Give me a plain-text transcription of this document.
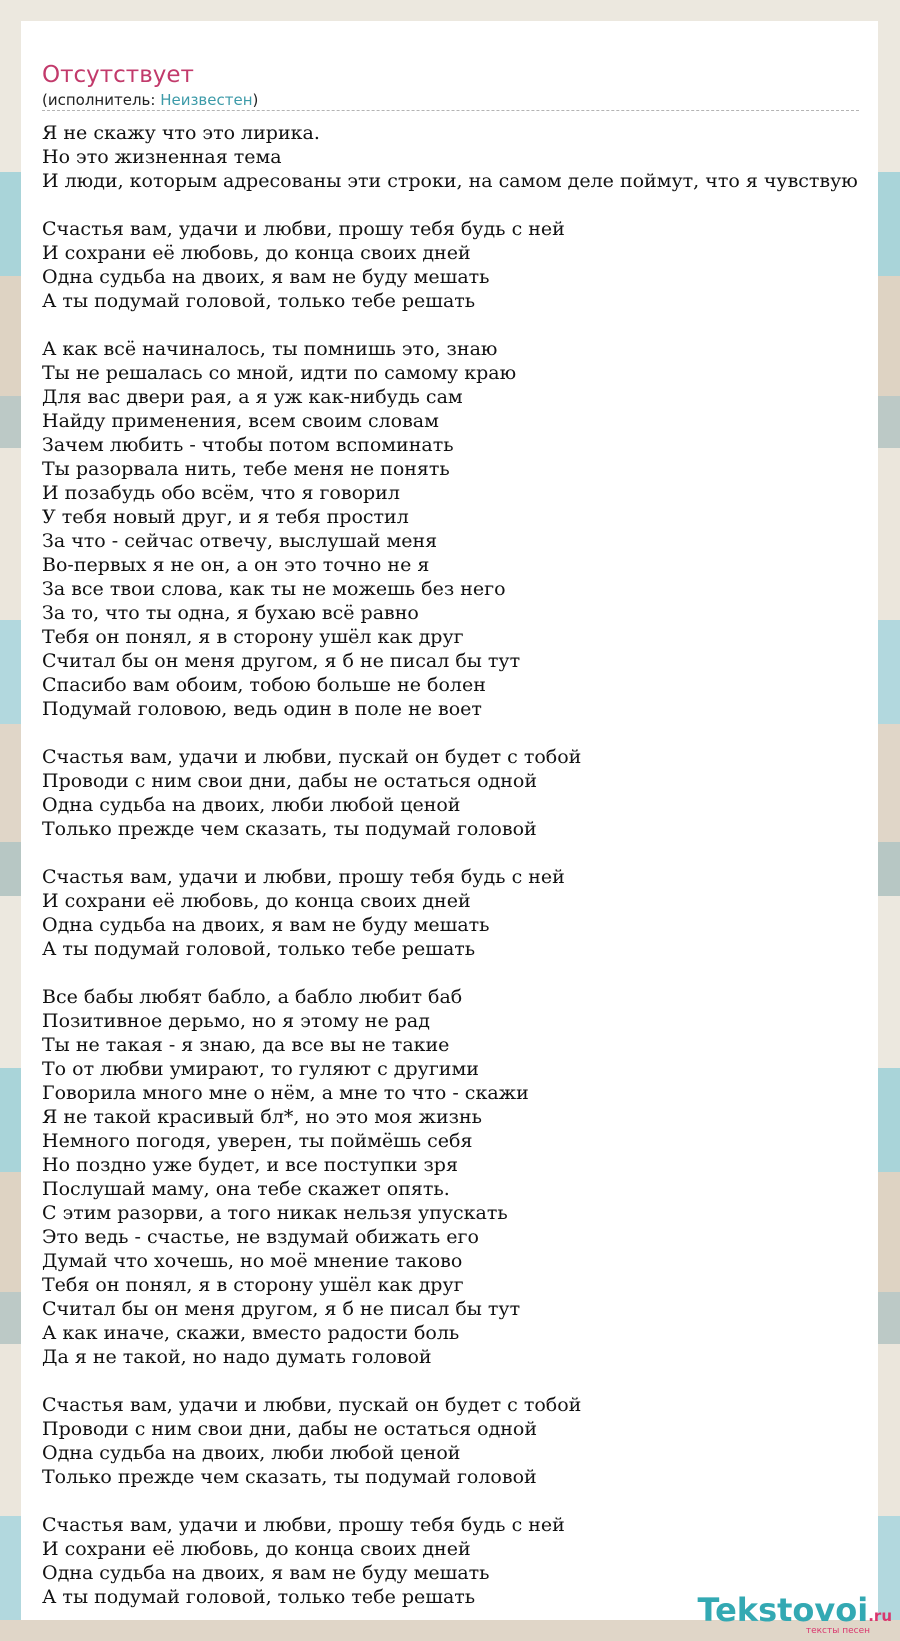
Отсутствует
(исполнитель: Неизвестен)
Я не скажу что это лирика.
Но это жизненная тема
И люди, которым адресованы эти строки, на самом деле поймут, что я чувствую
Счастья вам, удачи и любви, прошу тебя будь с ней
И сохрани её любовь, до конца своих дней
Одна судьба на двоих, я вам не буду мешать
А ты подумай головой, только тебе решать
А как всё начиналось, ты помнишь это, знаю
Ты не решалась со мной, идти по самому краю
Для вас двери рая, а я уж как-нибудь сам
Найду применения, всем своим словам
Зачем любить - чтобы потом вспоминать
Ты разорвала нить, тебе меня не понять
И позабудь обо всём, что я говорил
У тебя новый друг, и я тебя простил
За что - сейчас отвечу, выслушай меня
Во-первых я не он, а он это точно не я
За все твои слова, как ты не можешь без него
За то, что ты одна, я бухаю всё равно
Тебя он понял, я в сторону ушёл как друг
Считал бы он меня другом, я б не писал бы тут
Спасибо вам обоим, тобою больше не болен
Подумай головою, ведь один в поле не воет
Счастья вам, удачи и любви, пускай он будет с тобой
Проводи с ним свои дни, дабы не остаться одной
Одна судьба на двоих, люби любой ценой
Только прежде чем сказать, ты подумай головой
Счастья вам, удачи и любви, прошу тебя будь с ней
И сохрани её любовь, до конца своих дней
Одна судьба на двоих, я вам не буду мешать
А ты подумай головой, только тебе решать
Все бабы любят бабло, а бабло любит баб
Позитивное дерьмо, но я этому не рад
Ты не такая - я знаю, да все вы не такие
То от любви умирают, то гуляют с другими
Говорила много мне о нём, а мне то что - скажи
Я не такой красивый бл*, но это моя жизнь
Немного погодя, уверен, ты поймёшь себя
Но поздно уже будет, и все поступки зря
Послушай маму, она тебе скажет опять.
С этим разорви, а того никак нельзя упускать
Это ведь - счастье, не вздумай обижать его
Думай что хочешь, но моё мнение таково
Тебя он понял, я в сторону ушёл как друг
Считал бы он меня другом, я б не писал бы тут
А как иначе, скажи, вместо радости боль
Да я не такой, но надо думать головой
Счастья вам, удачи и любви, пускай он будет с тобой
Проводи с ним свои дни, дабы не остаться одной
Одна судьба на двоих, люби любой ценой
Только прежде чем сказать, ты подумай головой
Счастья вам, удачи и любви, прошу тебя будь с ней
И сохрани её любовь, до конца своих дней
Одна судьба на двоих, я вам не буду мешать
А ты подумай головой, только тебе решать	Tekstovoi.ru
тексты песен
